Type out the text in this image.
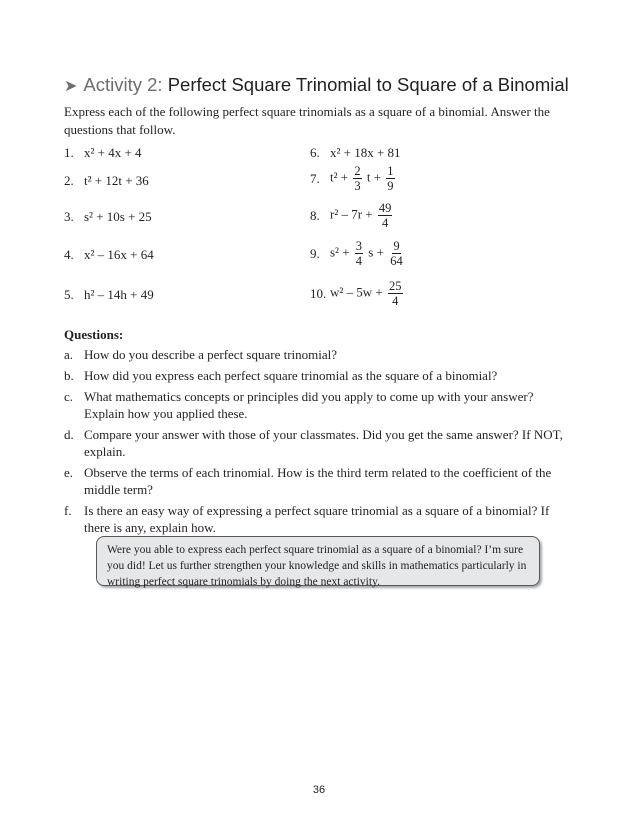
➤ Activity 2: Perfect Square Trinomial to Square of a Binomial
Express each of the following perfect square trinomials as a square of a binomial. Answer the questions that follow.
1. x² + 4x + 4
2. t² + 12t + 36
3. s² + 10s + 25
4. x² – 16x + 64
5. h² – 14h + 49
6. x² + 18x + 81
7. $t^2 + \frac{2}{3}$ $t + \frac{1}{9}$
8. $r^2 - 7r + \frac{49}{4}$
9. $s^2 + \frac{3}{4}$ $s + \frac{9}{64}$
10. $w^2 - 5w + \frac{25}{4}$
Questions:
a. How do you describe a perfect square trinomial?
b. How did you express each perfect square trinomial as the square of a binomial?
c. What mathematics concepts or principles did you apply to come up with your answer? Explain how you applied these.
d. Compare your answer with those of your classmates. Did you get the same answer? If NOT, explain.
e. Observe the terms of each trinomial. How is the third term related to the coefficient of the middle term?
f. Is there an easy way of expressing a perfect square trinomial as a square of a binomial? If there is any, explain how.
Were you able to express each perfect square trinomial as a square of a binomial? I’m sure you did! Let us further strengthen your knowledge and skills in mathematics particularly in writing perfect square trinomials by doing the next activity.
36
